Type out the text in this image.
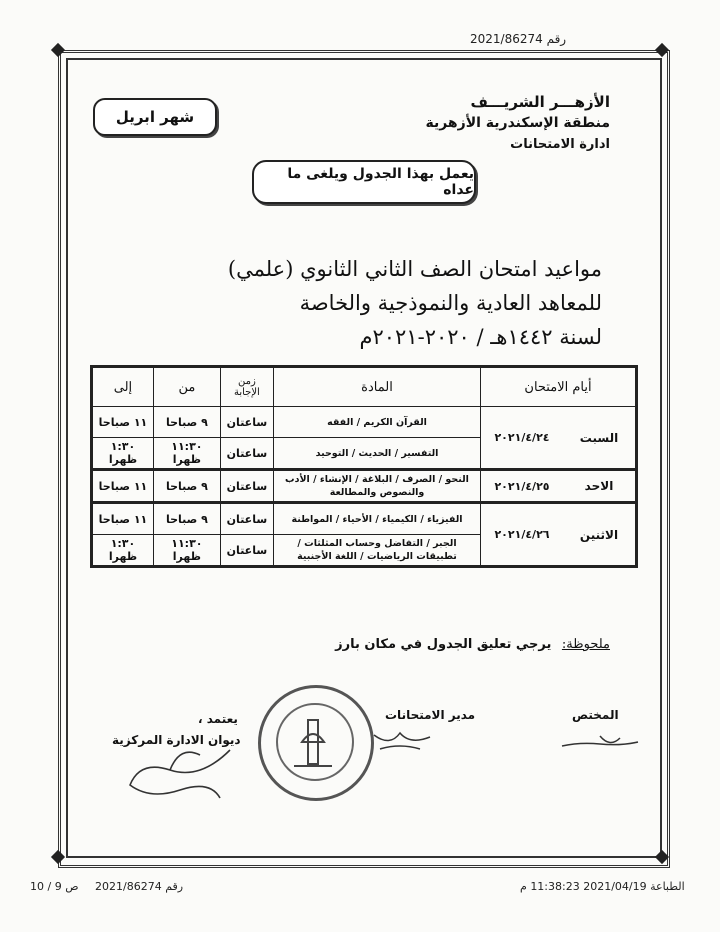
رقم 2021/86274
شهر ابريل
الأزهـــر الشريـــف
منطقة الإسكندرية الأزهرية
ادارة الامتحانات
يعمل بهذا الجدول ويلغى ما عداه
مواعيد امتحان الصف الثاني الثانوي (علمي)
للمعاهد العادية والنموذجية والخاصة
لسنة ١٤٤٢هـ / ٢٠٢٠-٢٠٢١م
أيام الامتحان		المادة	زمن الإجابة	من	إلى
السبت	٢٠٢١/٤/٢٤	القرآن الكريم / الفقه	ساعتان	٩ صباحا	١١ صباحا
		التفسير / الحديث / التوحيد	ساعتان	١١:٣٠ ظهرا	١:٣٠ ظهرا
الاحد	٢٠٢١/٤/٢٥	النحو / الصرف / البلاغة / الإنشاء / الأدب والنصوص والمطالعة	ساعتان	٩ صباحا	١١ صباحا
الاثنين	٢٠٢١/٤/٢٦	الفيزياء / الكيمياء / الأحياء / المواطنة	ساعتان	٩ صباحا	١١ صباحا
		الجبر / التفاضل وحساب المثلثات / تطبيقات الرياضيات / اللغة الأجنبية	ساعتان	١١:٣٠ ظهرا	١:٣٠ ظهرا
ملحوظة: يرجي تعليق الجدول في مكان بارز
المختص
مدير الامتحانات
يعتمد ،
ديوان الادارة المركزية
الطباعة 2021/04/19 11:38:23 م
رقم 2021/86274
ص 9 / 10
